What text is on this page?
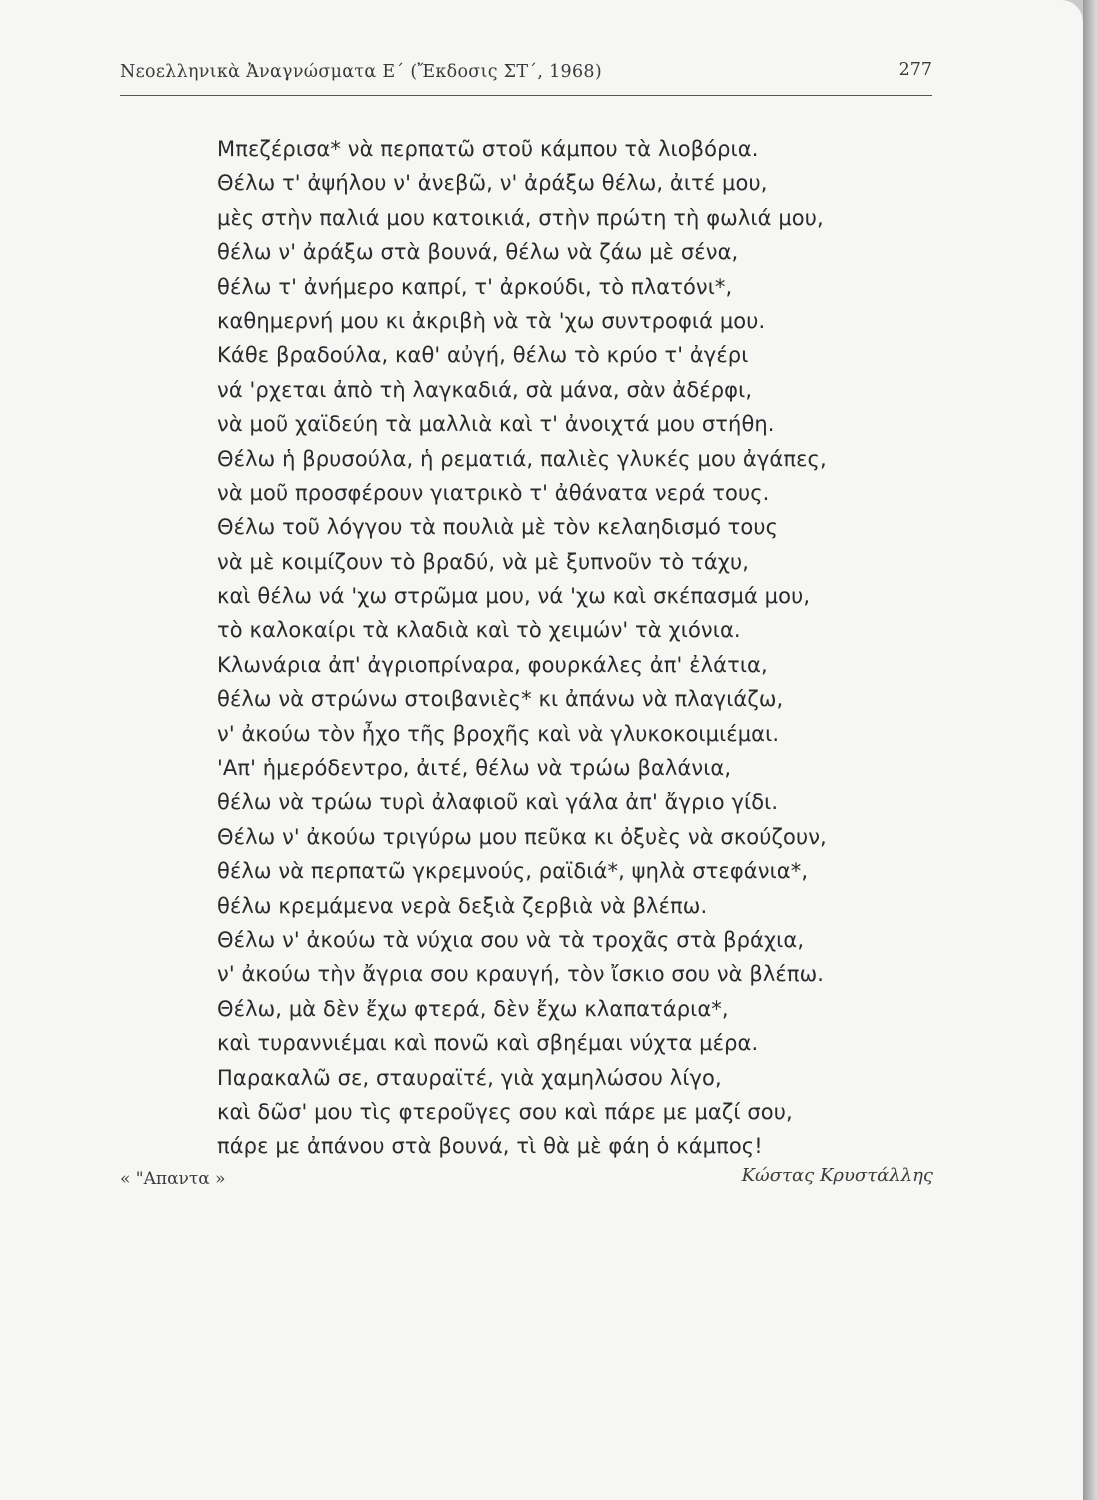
Νεοελληνικὰ Ἀναγνώσματα Ε΄ (Ἔκδοσις ΣΤ΄, 1968)	277
Μπεζέρισα* νὰ περπατῶ στοῦ κάμπου τὰ λιοβόρια.
Θέλω τ' ἀψήλου ν' ἀνεβῶ, ν' ἀράξω θέλω, ἀιτέ μου,
μὲς στὴν παλιά μου κατοικιά, στὴν πρώτη τὴ φωλιά μου,
θέλω ν' ἀράξω στὰ βουνά, θέλω νὰ ζάω μὲ σένα,
θέλω τ' ἀνήμερο καπρί, τ' ἀρκούδι, τὸ πλατόνι*,
καθημερνή μου κι ἀκριβὴ νὰ τὰ 'χω συντροφιά μου.
Κάθε βραδούλα, καθ' αὐγή, θέλω τὸ κρύο τ' ἀγέρι
νά 'ρχεται ἀπὸ τὴ λαγκαδιά, σὰ μάνα, σὰν ἀδέρφι,
νὰ μοῦ χαϊδεύη τὰ μαλλιὰ καὶ τ' ἀνοιχτά μου στήθη.
Θέλω ἡ βρυσούλα, ἡ ρεματιά, παλιὲς γλυκές μου ἀγάπες,
νὰ μοῦ προσφέρουν γιατρικὸ τ' ἀθάνατα νερά τους.
Θέλω τοῦ λόγγου τὰ πουλιὰ μὲ τὸν κελαηδισμό τους
νὰ μὲ κοιμίζουν τὸ βραδύ, νὰ μὲ ξυπνοῦν τὸ τάχυ,
καὶ θέλω νά 'χω στρῶμα μου, νά 'χω καὶ σκέπασμά μου,
τὸ καλοκαίρι τὰ κλαδιὰ καὶ τὸ χειμών' τὰ χιόνια.
Κλωνάρια ἀπ' ἀγριοπρίναρα, φουρκάλες ἀπ' ἐλάτια,
θέλω νὰ στρώνω στοιβανιὲς* κι ἀπάνω νὰ πλαγιάζω,
ν' ἀκούω τὸν ἦχο τῆς βροχῆς καὶ νὰ γλυκοκοιμιέμαι.
'Απ' ἡμερόδεντρο, ἀιτέ, θέλω νὰ τρώω βαλάνια,
θέλω νὰ τρώω τυρὶ ἀλαφιοῦ καὶ γάλα ἀπ' ἄγριο γίδι.
Θέλω ν' ἀκούω τριγύρω μου πεῦκα κι ὀξυὲς νὰ σκούζουν,
θέλω νὰ περπατῶ γκρεμνούς, ραϊδιά*, ψηλὰ στεφάνια*,
θέλω κρεμάμενα νερὰ δεξιὰ ζερβιὰ νὰ βλέπω.
Θέλω ν' ἀκούω τὰ νύχια σου νὰ τὰ τροχᾶς στὰ βράχια,
ν' ἀκούω τὴν ἄγρια σου κραυγή, τὸν ἴσκιο σου νὰ βλέπω.
Θέλω, μὰ δὲν ἔχω φτερά, δὲν ἔχω κλαπατάρια*,
καὶ τυραννιέμαι καὶ πονῶ καὶ σβηέμαι νύχτα μέρα.
Παρακαλῶ σε, σταυραϊτέ, γιὰ χαμηλώσου λίγο,
καὶ δῶσ' μου τὶς φτεροῦγες σου καὶ πάρε με μαζί σου,
πάρε με ἀπάνου στὰ βουνά, τὶ θὰ μὲ φάη ὁ κάμπος!
« "Απαντα »	Κώστας Κρυστάλλης
